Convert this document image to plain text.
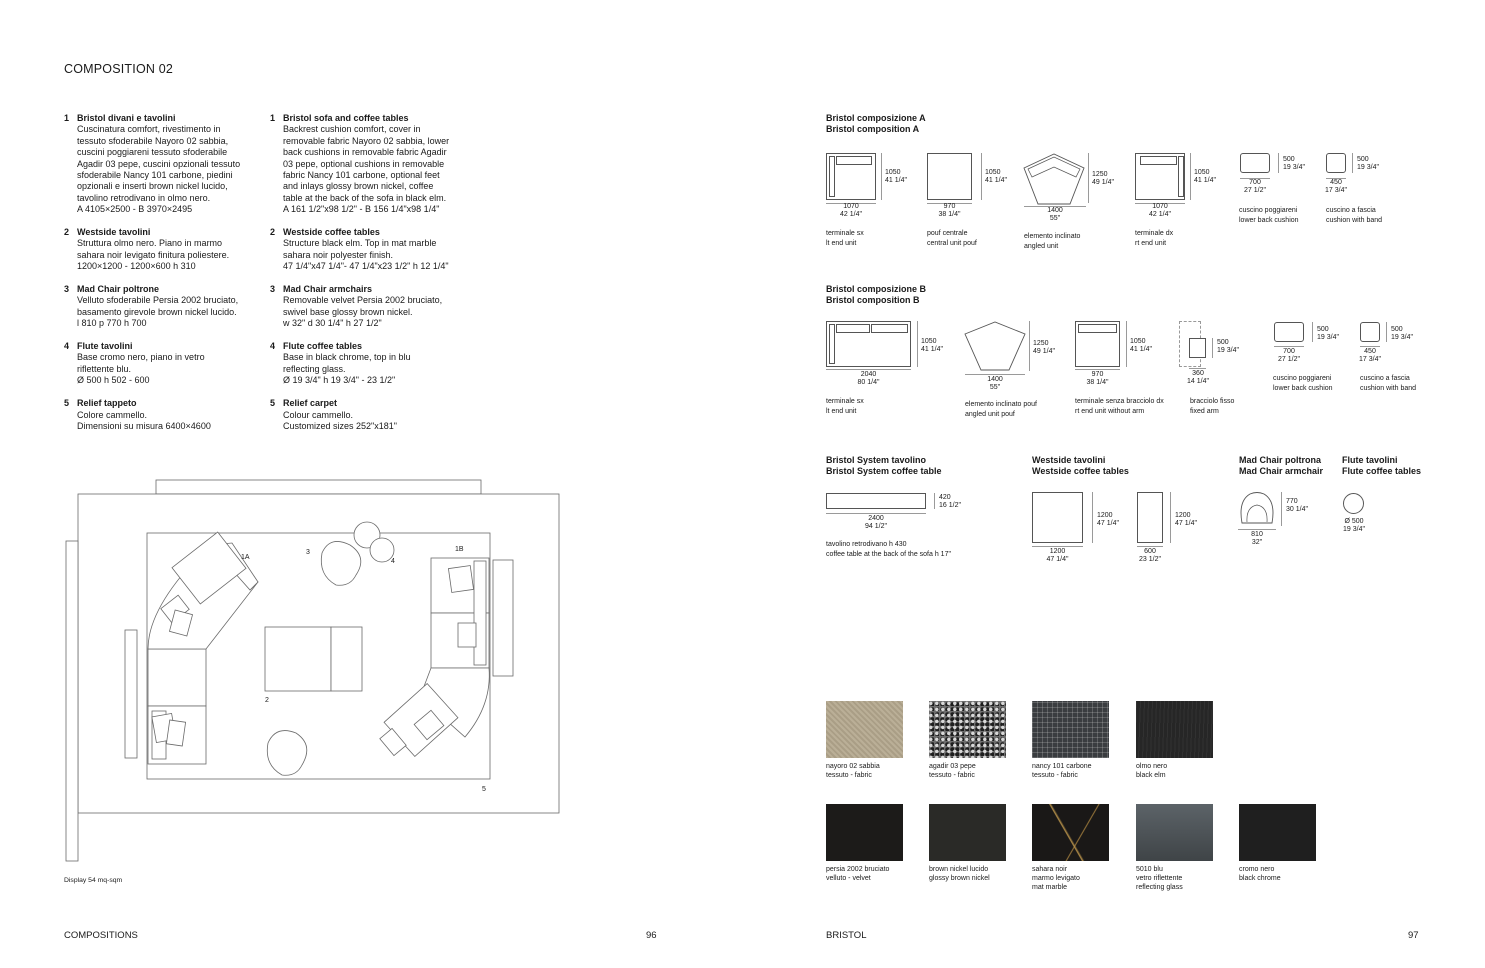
COMPOSITION 02
1 Bristol divani e tavolini
Cuscinatura comfort, rivestimento in
tessuto sfoderabile Nayoro 02 sabbia,
cuscini poggiareni tessuto sfoderabile
Agadir 03 pepe, cuscini opzionali tessuto
sfoderabile Nancy 101 carbone, piedini
opzionali e inserti brown nickel lucido,
tavolino retrodivano in olmo nero.
A 4105×2500 - B 3970×2495
2 Westside tavolini
Struttura olmo nero. Piano in marmo
sahara noir levigato finitura poliestere.
1200×1200 - 1200×600 h 310
3 Mad Chair poltrone
Velluto sfoderabile Persia 2002 bruciato,
basamento girevole brown nickel lucido.
l 810 p 770 h 700
4 Flute tavolini
Base cromo nero, piano in vetro
riflettente blu.
Ø 500 h 502 - 600
5 Relief tappeto
Colore cammello.
Dimensioni su misura 6400×4600
1 Bristol sofa and coffee tables
Backrest cushion comfort, cover in
removable fabric Nayoro 02 sabbia, lower
back cushions in removable fabric Agadir
03 pepe, optional cushions in removable
fabric Nancy 101 carbone, optional feet
and inlays glossy brown nickel, coffee
table at the back of the sofa in black elm.
A 161 1/2"x98 1/2" - B 156 1/4"x98 1/4"
2 Westside coffee tables
Structure black elm. Top in mat marble
sahara noir polyester finish.
47 1/4"x47 1/4"- 47 1/4"x23 1/2" h 12 1/4"
3 Mad Chair armchairs
Removable velvet Persia 2002 bruciato,
swivel base glossy brown nickel.
w 32" d 30 1/4" h 27 1/2"
4 Flute coffee tables
Base in black chrome, top in blu
reflecting glass.
Ø 19 3/4" h 19 3/4" - 23 1/2"
5 Relief carpet
Colour cammello.
Customized sizes 252"x181"
1A
1B
2
3
4
5
Display 54 mq-sqm
COMPOSITIONS	96
Bristol composizione A
Bristol composition A
1050
41 1/4"
1070
42 1/4"
terminale sx
lt end unit
1050
41 1/4"
970
38 1/4"
pouf centrale
central unit pouf
1250
49 1/4"
1400
55"
elemento inclinato
angled unit
1050
41 1/4"
1070
42 1/4"
terminale dx
rt end unit
500
19 3/4"
700
27 1/2"
cuscino poggiareni
lower back cushion
500
19 3/4"
450
17 3/4"
cuscino a fascia
cushion with band
Bristol composizione B
Bristol composition B
1050
41 1/4"
2040
80 1/4"
terminale sx
lt end unit
1250
49 1/4"
1400
55"
elemento inclinato pouf
angled unit pouf
1050
41 1/4"
970
38 1/4"
terminale senza bracciolo dx
rt end unit without arm
500
19 3/4"
360
14 1/4"
bracciolo fisso
fixed arm
500
19 3/4"
700
27 1/2"
cuscino poggiareni
lower back cushion
500
19 3/4"
450
17 3/4"
cuscino a fascia
cushion with band
Bristol System tavolino
Bristol System coffee table
420
16 1/2"
2400
94 1/2"
tavolino retrodivano h 430
coffee table at the back of the sofa h 17"
Westside tavolini
Westside coffee tables
1200
47 1/4"
1200
47 1/4"
1200
47 1/4"
600
23 1/2"
Mad Chair poltrona
Mad Chair armchair
770
30 1/4"
810
32"
Flute tavolini
Flute coffee tables
Ø 500
19 3/4"
nayoro 02 sabbia
tessuto - fabric
agadir 03 pepe
tessuto - fabric
nancy 101 carbone
tessuto - fabric
olmo nero
black elm
persia 2002 bruciato
velluto - velvet
brown nickel lucido
glossy brown nickel
sahara noir
marmo levigato
mat marble
5010 blu
vetro riflettente
reflecting glass
cromo nero
black chrome
BRISTOL	97
